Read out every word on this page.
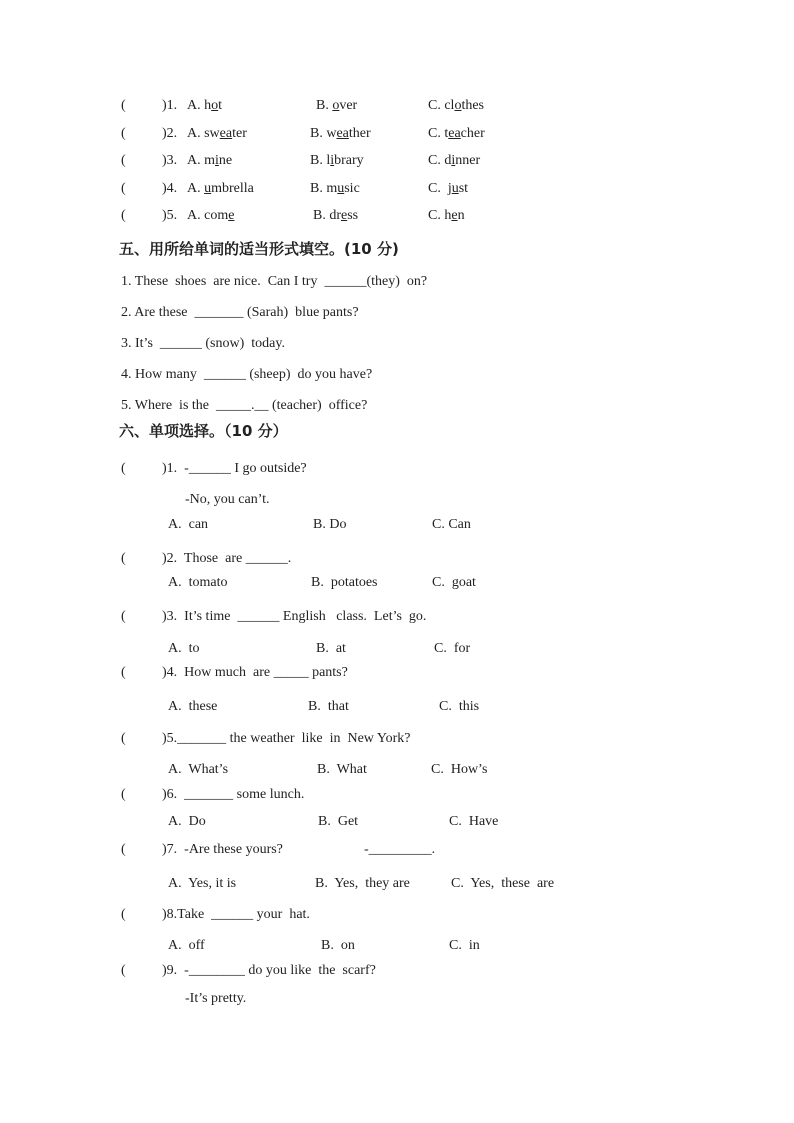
(	)1. A. hot	B. over	C. clothes
(	)2. A. sweater	B. weather	C. teacher
(	)3. A. mine	B. library	C. dinner
(	)4. A. umbrella	B. music	C.  just
(	)5. A. come	B. dress	C. hen
五、用所给单词的适当形式填空。(10 分)
1. These  shoes  are nice.  Can I try  ______(they)  on?
2. Are these  _______ (Sarah)  blue pants?
3. It’s  ______ (snow)  today.
4. How many  ______ (sheep)  do you have?
5. Where  is the  _____.__ (teacher)  office?
六、单项选择。（10 分）
(	)1.  -______ I go outside?
-No, you can’t.
A.  can	B. Do	C. Can
(	)2.  Those  are ______.
A.  tomato	B.  potatoes	C.  goat
(	)3.  It’s time  ______ English   class.  Let’s  go.
A.  to	B.  at	C.  for
(	)4.  How much  are _____ pants?
A.  these	B.  that	C.  this
(	)5._______ the weather  like  in  New York?
A.  What’s	B.  What	C.  How’s
(	)6.  _______ some lunch.
A.  Do	B.  Get	C.  Have
(	)7.  -Are these yours?	-_________.
A.  Yes, it is	B.  Yes,  they are	C.  Yes,  these  are
(	)8.Take  ______ your  hat.
A.  off	B.  on	C.  in
(	)9.  -________ do you like  the  scarf?
-It’s pretty.
